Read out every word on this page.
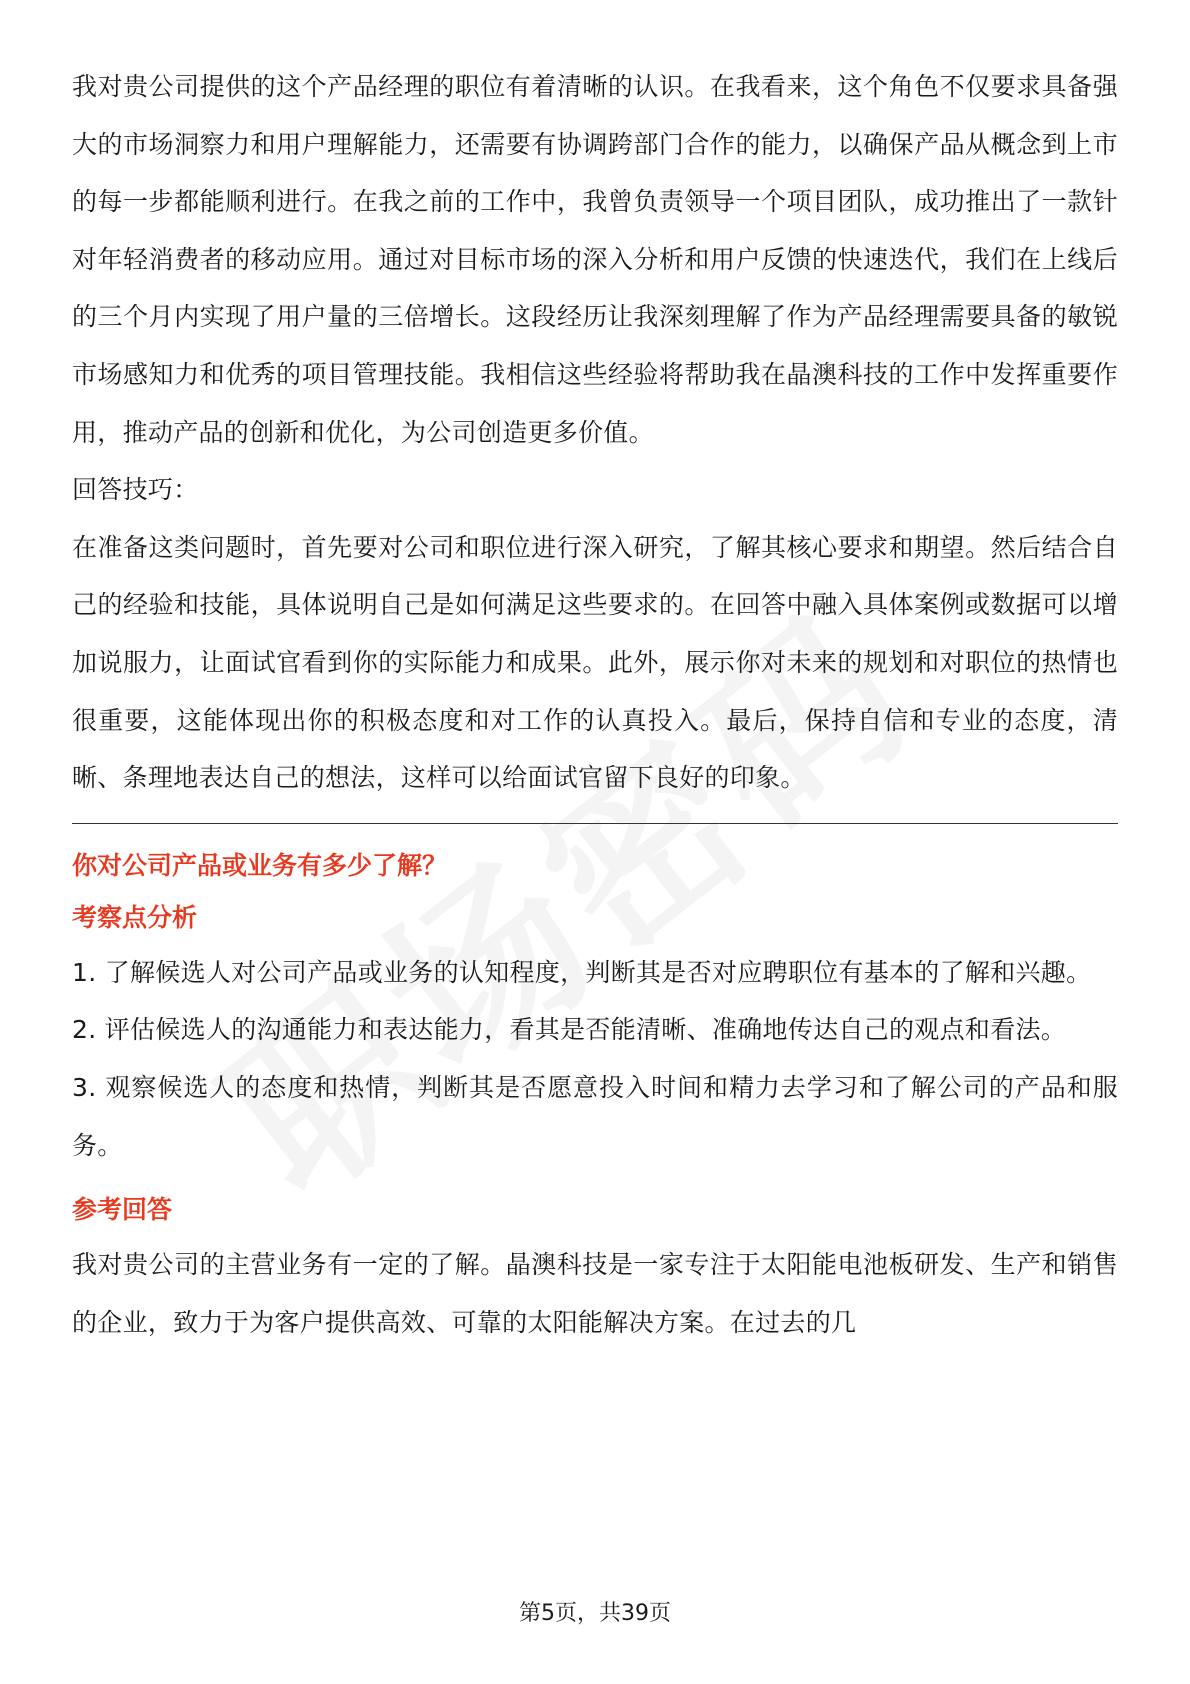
我对贵公司提供的这个产品经理的职位有着清晰的认识。在我看来，这个角色不仅要求具备强大的市场洞察力和用户理解能力，还需要有协调跨部门合作的能力，以确保产品从概念到上市的每一步都能顺利进行。在我之前的工作中，我曾负责领导一个项目团队，成功推出了一款针对年轻消费者的移动应用。通过对目标市场的深入分析和用户反馈的快速迭代，我们在上线后的三个月内实现了用户量的三倍增长。这段经历让我深刻理解了作为产品经理需要具备的敏锐市场感知力和优秀的项目管理技能。我相信这些经验将帮助我在晶澳科技的工作中发挥重要作用，推动产品的创新和优化，为公司创造更多价值。

回答技巧：

在准备这类问题时，首先要对公司和职位进行深入研究，了解其核心要求和期望。然后结合自己的经验和技能，具体说明自己是如何满足这些要求的。在回答中融入具体案例或数据可以增加说服力，让面试官看到你的实际能力和成果。此外，展示你对未来的规划和对职位的热情也很重要，这能体现出你的积极态度和对工作的认真投入。最后，保持自信和专业的态度，清晰、条理地表达自己的想法，这样可以给面试官留下良好的印象。

你对公司产品或业务有多少了解？
考察点分析
1. 了解候选人对公司产品或业务的认知程度，判断其是否对应聘职位有基本的了解和兴趣。
2. 评估候选人的沟通能力和表达能力，看其是否能清晰、准确地传达自己的观点和看法。
3. 观察候选人的态度和热情，判断其是否愿意投入时间和精力去学习和了解公司的产品和服务。
参考回答

我对贵公司的主营业务有一定的了解。晶澳科技是一家专注于太阳能电池板研发、生产和销售的企业，致力于为客户提供高效、可靠的太阳能解决方案。在过去的几

第5页，共39页
